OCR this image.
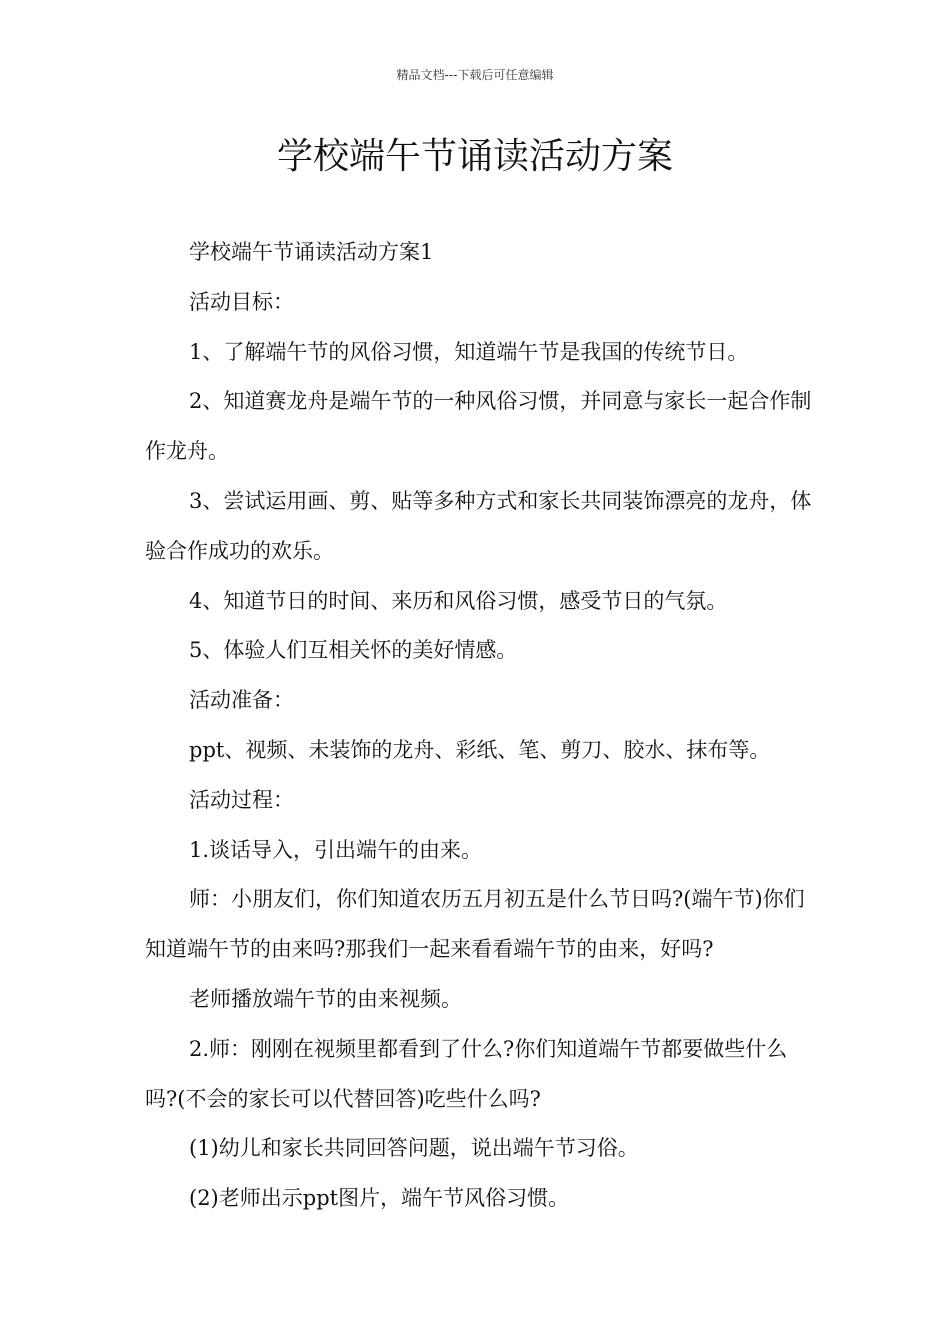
精品文档---下载后可任意编辑
学校端午节诵读活动方案

学校端午节诵读活动方案1

活动目标：

1、了解端午节的风俗习惯，知道端午节是我国的传统节日。

2、知道赛龙舟是端午节的一种风俗习惯，并同意与家长一起合作制作龙舟。

3、尝试运用画、剪、贴等多种方式和家长共同装饰漂亮的龙舟，体验合作成功的欢乐。

4、知道节日的时间、来历和风俗习惯，感受节日的气氛。

5、体验人们互相关怀的美好情感。

活动准备：

ppt、视频、未装饰的龙舟、彩纸、笔、剪刀、胶水、抹布等。

活动过程：

1.谈话导入，引出端午的由来。

师：小朋友们，你们知道农历五月初五是什么节日吗?(端午节)你们知道端午节的由来吗?那我们一起来看看端午节的由来，好吗?

老师播放端午节的由来视频。

2.师：刚刚在视频里都看到了什么?你们知道端午节都要做些什么吗?(不会的家长可以代替回答)吃些什么吗?

(1)幼儿和家长共同回答问题，说出端午节习俗。

(2)老师出示ppt图片，端午节风俗习惯。
